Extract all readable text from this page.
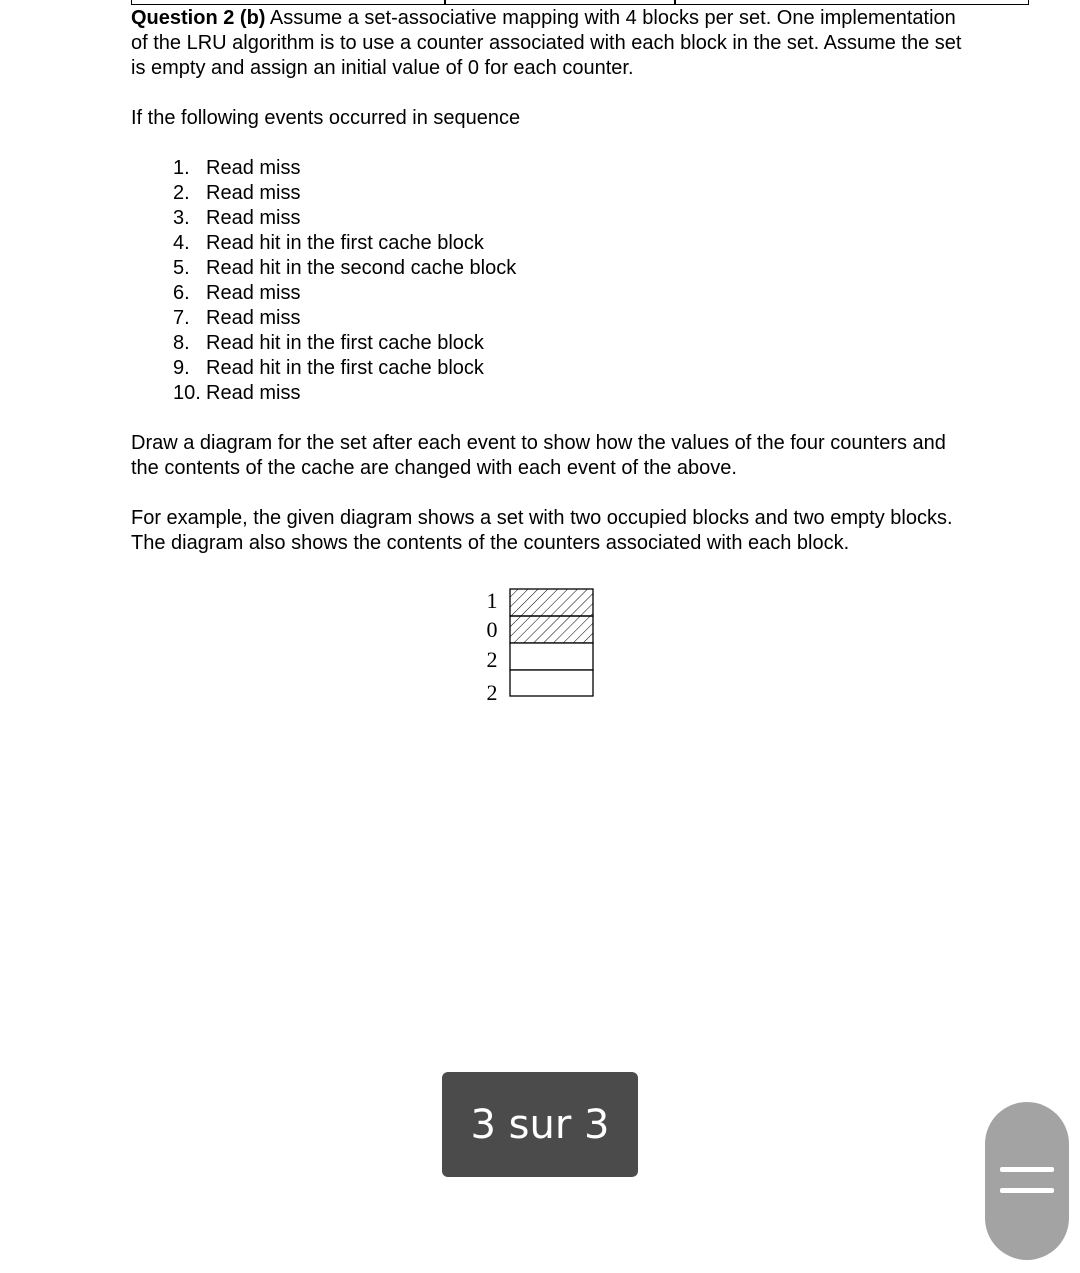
Question 2 (b) Assume a set-associative mapping with 4 blocks per set. One implementation of the LRU algorithm is to use a counter associated with each block in the set. Assume the set is empty and assign an initial value of 0 for each counter.

If the following events occurred in sequence

1. Read miss
2. Read miss
3. Read miss
4. Read hit in the first cache block
5. Read hit in the second cache block
6. Read miss
7. Read miss
8. Read hit in the first cache block
9. Read hit in the first cache block
10. Read miss

Draw a diagram for the set after each event to show how the values of the four counters and the contents of the cache are changed with each event of the above.

For example, the given diagram shows a set with two occupied blocks and two empty blocks. The diagram also shows the contents of the counters associated with each block.

1
0
2
2
3 sur 3
